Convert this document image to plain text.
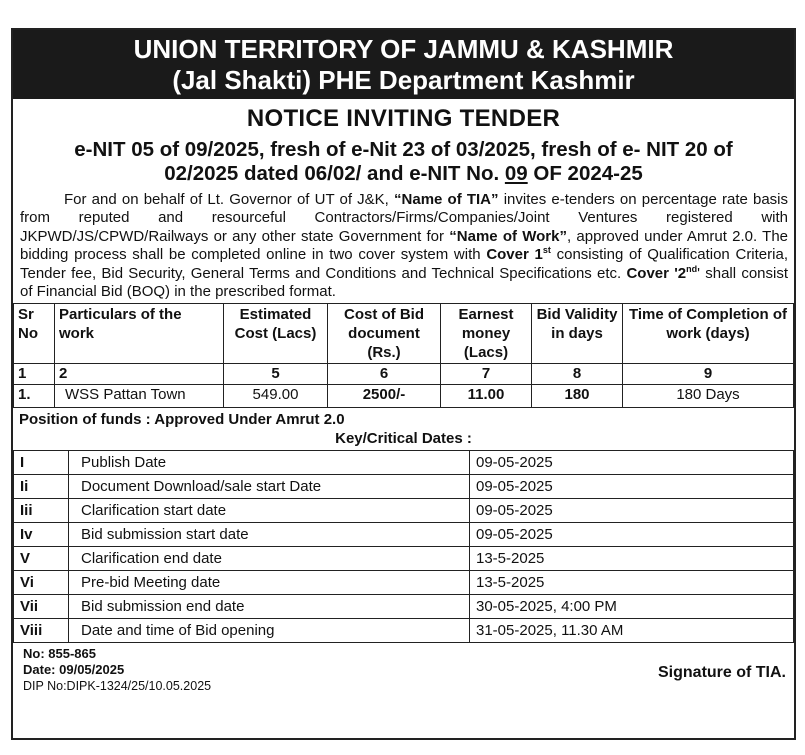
UNION TERRITORY OF JAMMU & KASHMIR
(Jal Shakti) PHE Department Kashmir
NOTICE INVITING TENDER
e-NIT 05 of 09/2025, fresh of e-Nit 23 of 03/2025, fresh of e- NIT 20 of
02/2025 dated 06/02/ and e-NIT No. 09 OF 2024-25
For and on behalf of Lt. Governor of UT of J&K, “Name of TIA” invites e-tenders on percentage rate basis from reputed and resourceful Contractors/Firms/Companies/Joint Ventures registered with JKPWD/JS/CPWD/Railways or any other state Government for “Name of Work”, approved under Amrut 2.0. The bidding process shall be completed online in two cover system with Cover 1st consisting of Qualification Criteria, Tender fee, Bid Security, General Terms and Conditions and Technical Specifications etc. Cover '2nd' shall consist of Financial Bid (BOQ) in the prescribed format.
Sr No	Particulars of the work	Estimated Cost (Lacs)	Cost of Bid document (Rs.)	Earnest money (Lacs)	Bid Validity in days	Time of Completion of work (days)
1	2	5	6	7	8	9
1.	WSS Pattan Town	549.00	2500/-	11.00	180	180 Days
Position of funds : Approved Under Amrut 2.0
Key/Critical Dates :
I	Publish Date	09-05-2025
Ii	Document Download/sale start Date	09-05-2025
Iii	Clarification start date	09-05-2025
Iv	Bid submission start date	09-05-2025
V	Clarification end date	13-5-2025
Vi	Pre-bid Meeting date	13-5-2025
Vii	Bid submission end date	30-05-2025, 4:00 PM
Viii	Date and time of Bid opening	31-05-2025, 11.30 AM
No: 855-865
Date: 09/05/2025
DIP No:DIPK-1324/25/10.05.2025
Signature of TIA.
